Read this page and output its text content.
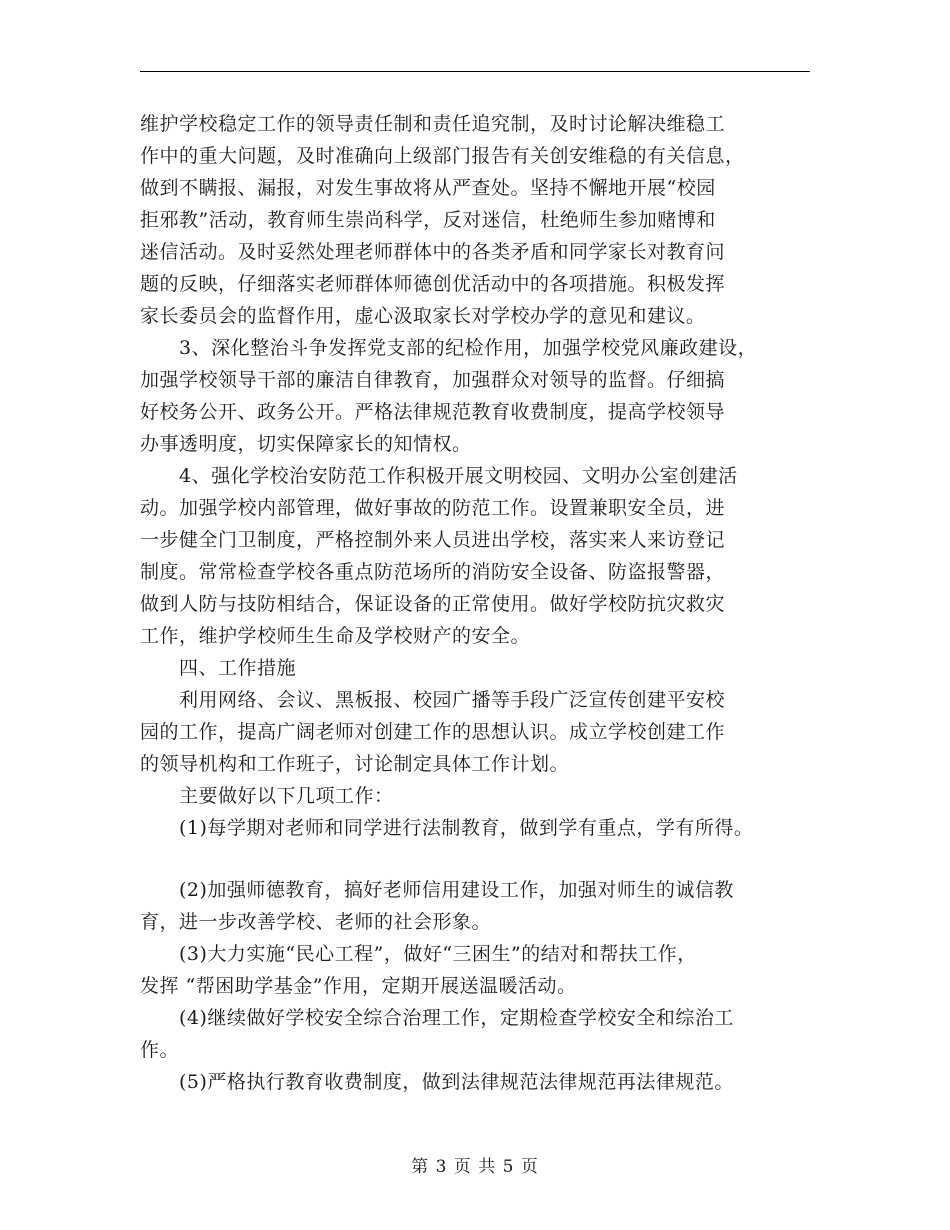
维护学校稳定工作的领导责任制和责任追究制，及时讨论解决维稳工
作中的重大问题，及时准确向上级部门报告有关创安维稳的有关信息，
做到不瞒报、漏报，对发生事故将从严查处。坚持不懈地开展“校园
拒邪教”活动，教育师生崇尚科学，反对迷信，杜绝师生参加赌博和
迷信活动。及时妥然处理老师群体中的各类矛盾和同学家长对教育问
题的反映，仔细落实老师群体师德创优活动中的各项措施。积极发挥
家长委员会的监督作用，虚心汲取家长对学校办学的意见和建议。
　　3、深化整治斗争发挥党支部的纪检作用，加强学校党风廉政建设，
加强学校领导干部的廉洁自律教育，加强群众对领导的监督。仔细搞
好校务公开、政务公开。严格法律规范教育收费制度，提高学校领导
办事透明度，切实保障家长的知情权。
　　4、强化学校治安防范工作积极开展文明校园、文明办公室创建活
动。加强学校内部管理，做好事故的防范工作。设置兼职安全员，进
一步健全门卫制度，严格控制外来人员进出学校，落实来人来访登记
制度。常常检查学校各重点防范场所的消防安全设备、防盗报警器，
做到人防与技防相结合，保证设备的正常使用。做好学校防抗灾救灾
工作，维护学校师生生命及学校财产的安全。
　　四、工作措施
　　利用网络、会议、黑板报、校园广播等手段广泛宣传创建平安校
园的工作，提高广阔老师对创建工作的思想认识。成立学校创建工作
的领导机构和工作班子，讨论制定具体工作计划。
　　主要做好以下几项工作：
　　(1)每学期对老师和同学进行法制教育，做到学有重点，学有所得。
　　(2)加强师德教育，搞好老师信用建设工作，加强对师生的诚信教
育，进一步改善学校、老师的社会形象。
　　(3)大力实施“民心工程”，做好“三困生”的结对和帮扶工作，
发挥 “帮困助学基金”作用，定期开展送温暖活动。
　　(4)继续做好学校安全综合治理工作，定期检查学校安全和综治工
作。
　　(5)严格执行教育收费制度，做到法律规范法律规范再法律规范。
第 3 页 共 5 页
